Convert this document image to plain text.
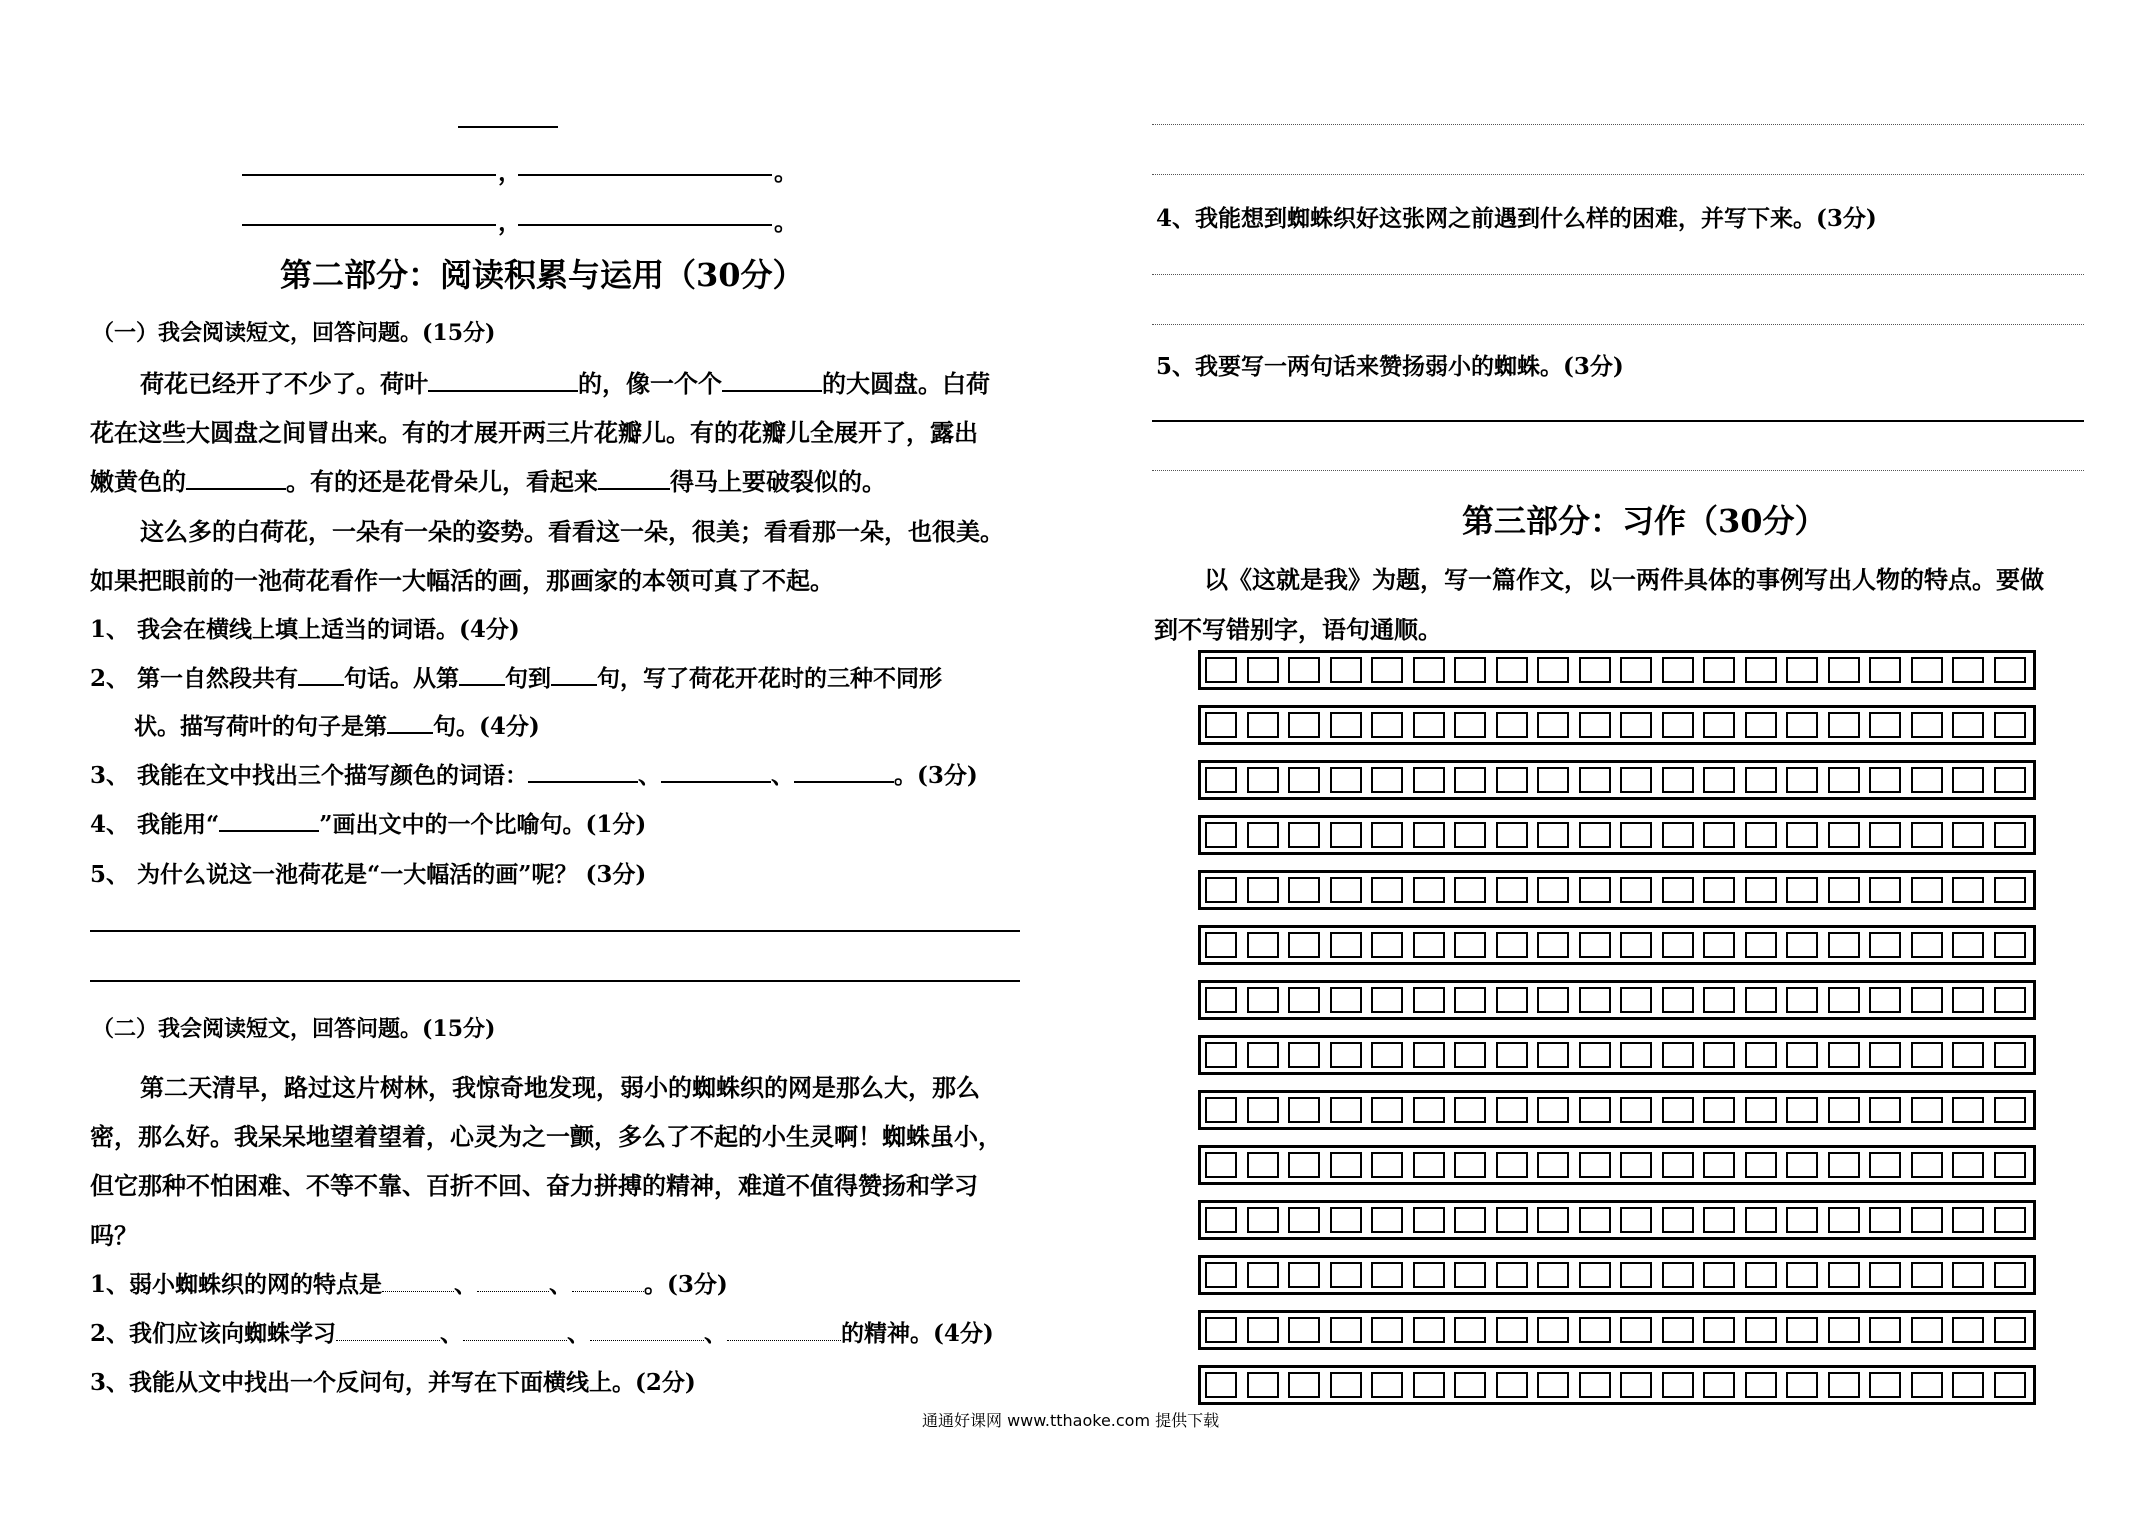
，	。
，	。
第二部分：阅读积累与运用（30分）
（一）我会阅读短文，回答问题。(15分)
荷花已经开了不少了。荷叶	的，像一个个	的大圆盘。白荷
花在这些大圆盘之间冒出来。有的才展开两三片花瓣儿。有的花瓣儿全展开了，露出
嫩黄色的	。有的还是花骨朵儿，看起来	得马上要破裂似的。
这么多的白荷花，一朵有一朵的姿势。看看这一朵，很美；看看那一朵，也很美。
如果把眼前的一池荷花看作一大幅活的画，那画家的本领可真了不起。
1、 我会在横线上填上适当的词语。(4分)
2、 第一自然段共有 句话。从第 句到 句，写了荷花开花时的三种不同形
状。描写荷叶的句子是第 句。(4分)
3、 我能在文中找出三个描写颜色的词语：	、	、	。(3分)
4、 我能用“	”画出文中的一个比喻句。(1分)
5、 为什么说这一池荷花是“一大幅活的画”呢？ (3分)
（二）我会阅读短文，回答问题。(15分)
第二天清早，路过这片树林，我惊奇地发现，弱小的蜘蛛织的网是那么大，那么
密，那么好。我呆呆地望着望着，心灵为之一颤，多么了不起的小生灵啊！蜘蛛虽小，
但它那种不怕困难、不等不靠、百折不回、奋力拼搏的精神，难道不值得赞扬和学习
吗？
1、弱小蜘蛛织的网的特点是	、	、	。(3分)
2、我们应该向蜘蛛学习	、	、	、	的精神。(4分)
3、我能从文中找出一个反问句，并写在下面横线上。(2分)
4、我能想到蜘蛛织好这张网之前遇到什么样的困难，并写下来。(3分)
5、我要写一两句话来赞扬弱小的蜘蛛。(3分)
第三部分：习作（30分）
以《这就是我》为题，写一篇作文，以一两件具体的事例写出人物的特点。要做
到不写错别字，语句通顺。
通通好课网 www.tthaoke.com 提供下载
